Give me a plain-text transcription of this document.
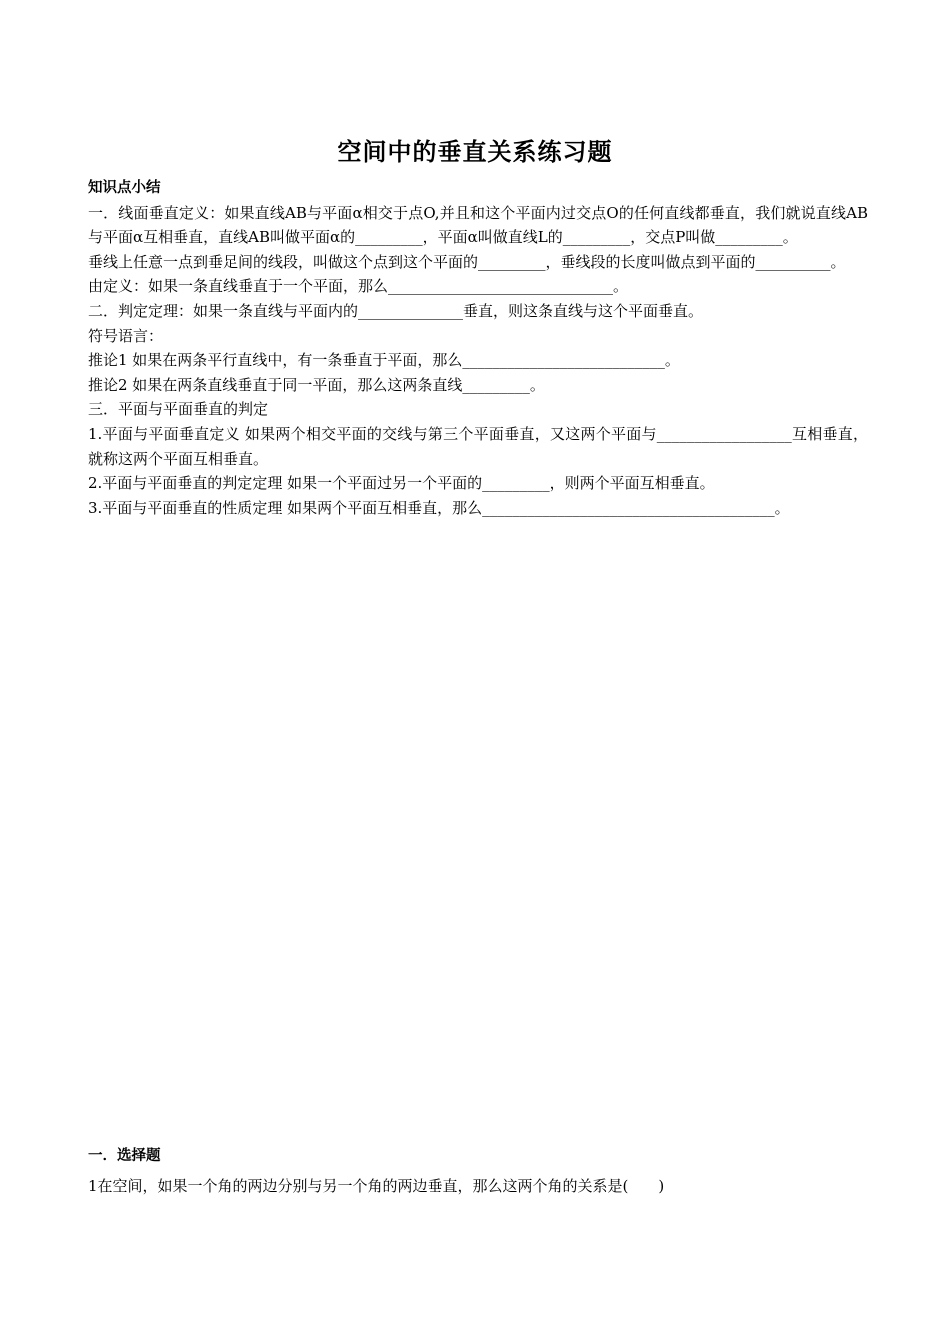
空间中的垂直关系练习题
知识点小结
一．线面垂直定义：如果直线AB与平面α相交于点O,并且和这个平面内过交点O的任何直线都垂直，我们就说直线AB与平面α互相垂直，直线AB叫做平面α的_________，平面α叫做直线L的_________，交点P叫做_________。
垂线上任意一点到垂足间的线段，叫做这个点到这个平面的_________，垂线段的长度叫做点到平面的__________。
由定义：如果一条直线垂直于一个平面，那么______________________________。
二．判定定理：如果一条直线与平面内的______________垂直，则这条直线与这个平面垂直。
符号语言：
推论1 如果在两条平行直线中，有一条垂直于平面，那么___________________________。
推论2 如果在两条直线垂直于同一平面，那么这两条直线_________。
三．平面与平面垂直的判定
1.平面与平面垂直定义 如果两个相交平面的交线与第三个平面垂直，又这两个平面与__________________互相垂直，就称这两个平面互相垂直。
2.平面与平面垂直的判定定理 如果一个平面过另一个平面的_________，则两个平面互相垂直。
3.平面与平面垂直的性质定理 如果两个平面互相垂直，那么_______________________________________。
一．选择题
1在空间，如果一个角的两边分别与另一个角的两边垂直，那么这两个角的关系是(　　)
